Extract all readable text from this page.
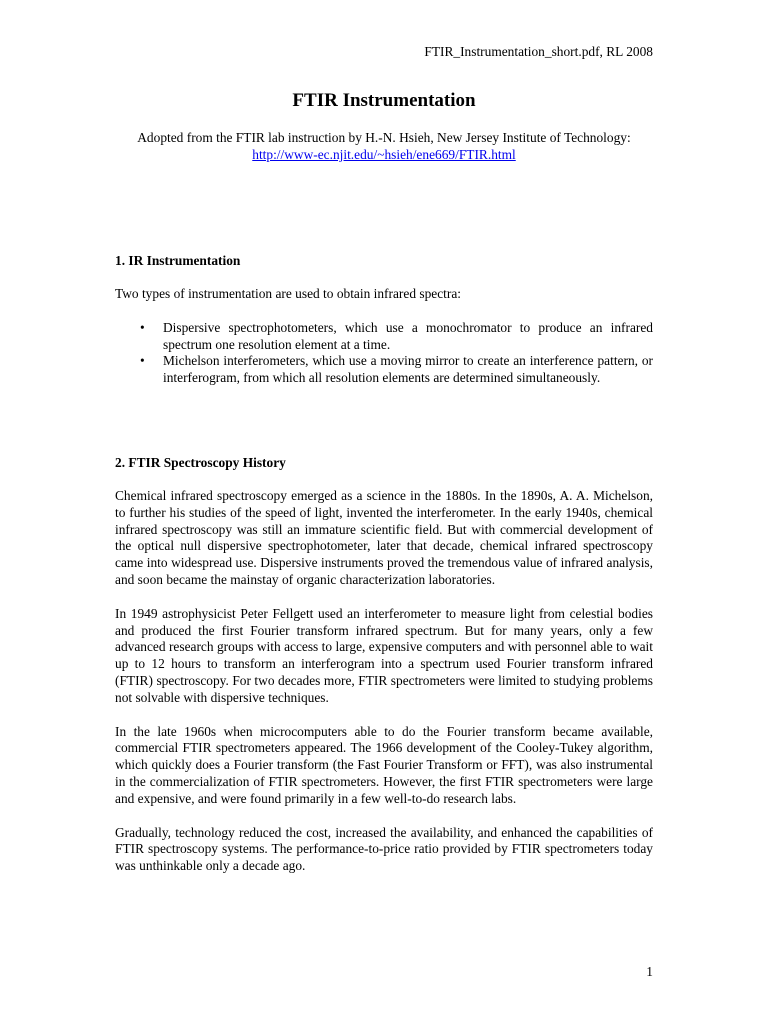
FTIR_Instrumentation_short.pdf, RL 2008
FTIR Instrumentation
Adopted from the FTIR lab instruction by H.-N. Hsieh, New Jersey Institute of Technology: http://www-ec.njit.edu/~hsieh/ene669/FTIR.html
1. IR Instrumentation

Two types of instrumentation are used to obtain infrared spectra:

• Dispersive spectrophotometers, which use a monochromator to produce an infrared spectrum one resolution element at a time.
• Michelson interferometers, which use a moving mirror to create an interference pattern, or interferogram, from which all resolution elements are determined simultaneously.
2. FTIR Spectroscopy History

Chemical infrared spectroscopy emerged as a science in the 1880s. In the 1890s, A. A. Michelson, to further his studies of the speed of light, invented the interferometer. In the early 1940s, chemical infrared spectroscopy was still an immature scientific field. But with commercial development of the optical null dispersive spectrophotometer, later that decade, chemical infrared spectroscopy came into widespread use. Dispersive instruments proved the tremendous value of infrared analysis, and soon became the mainstay of organic characterization laboratories.

In 1949 astrophysicist Peter Fellgett used an interferometer to measure light from celestial bodies and produced the first Fourier transform infrared spectrum. But for many years, only a few advanced research groups with access to large, expensive computers and with personnel able to wait up to 12 hours to transform an interferogram into a spectrum used Fourier transform infrared (FTIR) spectroscopy. For two decades more, FTIR spectrometers were limited to studying problems not solvable with dispersive techniques.

In the late 1960s when microcomputers able to do the Fourier transform became available, commercial FTIR spectrometers appeared. The 1966 development of the Cooley-Tukey algorithm, which quickly does a Fourier transform (the Fast Fourier Transform or FFT), was also instrumental in the commercialization of FTIR spectrometers. However, the first FTIR spectrometers were large and expensive, and were found primarily in a few well-to-do research labs.

Gradually, technology reduced the cost, increased the availability, and enhanced the capabilities of FTIR spectroscopy systems. The performance-to-price ratio provided by FTIR spectrometers today was unthinkable only a decade ago.

1
